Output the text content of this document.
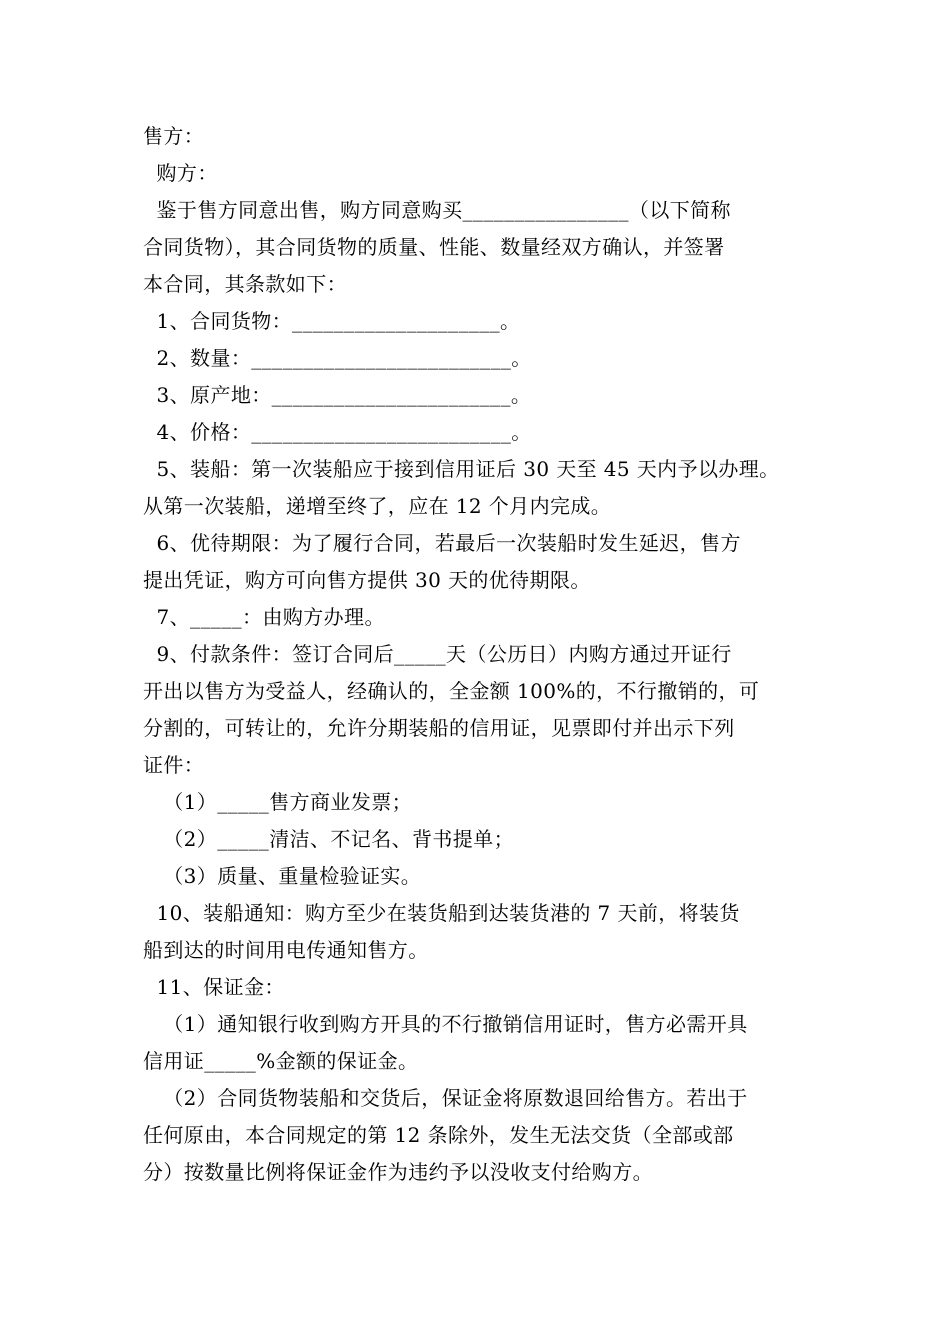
售方：
购方：
鉴于售方同意出售，购方同意购买________________（以下简称
合同货物），其合同货物的质量、性能、数量经双方确认，并签署
本合同，其条款如下：
1、合同货物：____________________。
2、数量：_________________________。
3、原产地：_______________________。
4、价格：_________________________。
5、装船：第一次装船应于接到信用证后 30 天至 45 天内予以办理。
从第一次装船，递增至终了，应在 12 个月内完成。
6、优待期限：为了履行合同，若最后一次装船时发生延迟，售方
提出凭证，购方可向售方提供 30 天的优待期限。
7、_____：由购方办理。
9、付款条件：签订合同后_____天（公历日）内购方通过开证行
开出以售方为受益人，经确认的，全金额 100%的，不行撤销的，可
分割的，可转让的，允许分期装船的信用证，见票即付并出示下列
证件：
（1）_____售方商业发票；
（2）_____清洁、不记名、背书提单；
（3）质量、重量检验证实。
10、装船通知：购方至少在装货船到达装货港的 7 天前，将装货
船到达的时间用电传通知售方。
11、保证金：
（1）通知银行收到购方开具的不行撤销信用证时，售方必需开具
信用证_____%金额的保证金。
（2）合同货物装船和交货后，保证金将原数退回给售方。若出于
任何原由，本合同规定的第 12 条除外，发生无法交货（全部或部
分）按数量比例将保证金作为违约予以没收支付给购方。
